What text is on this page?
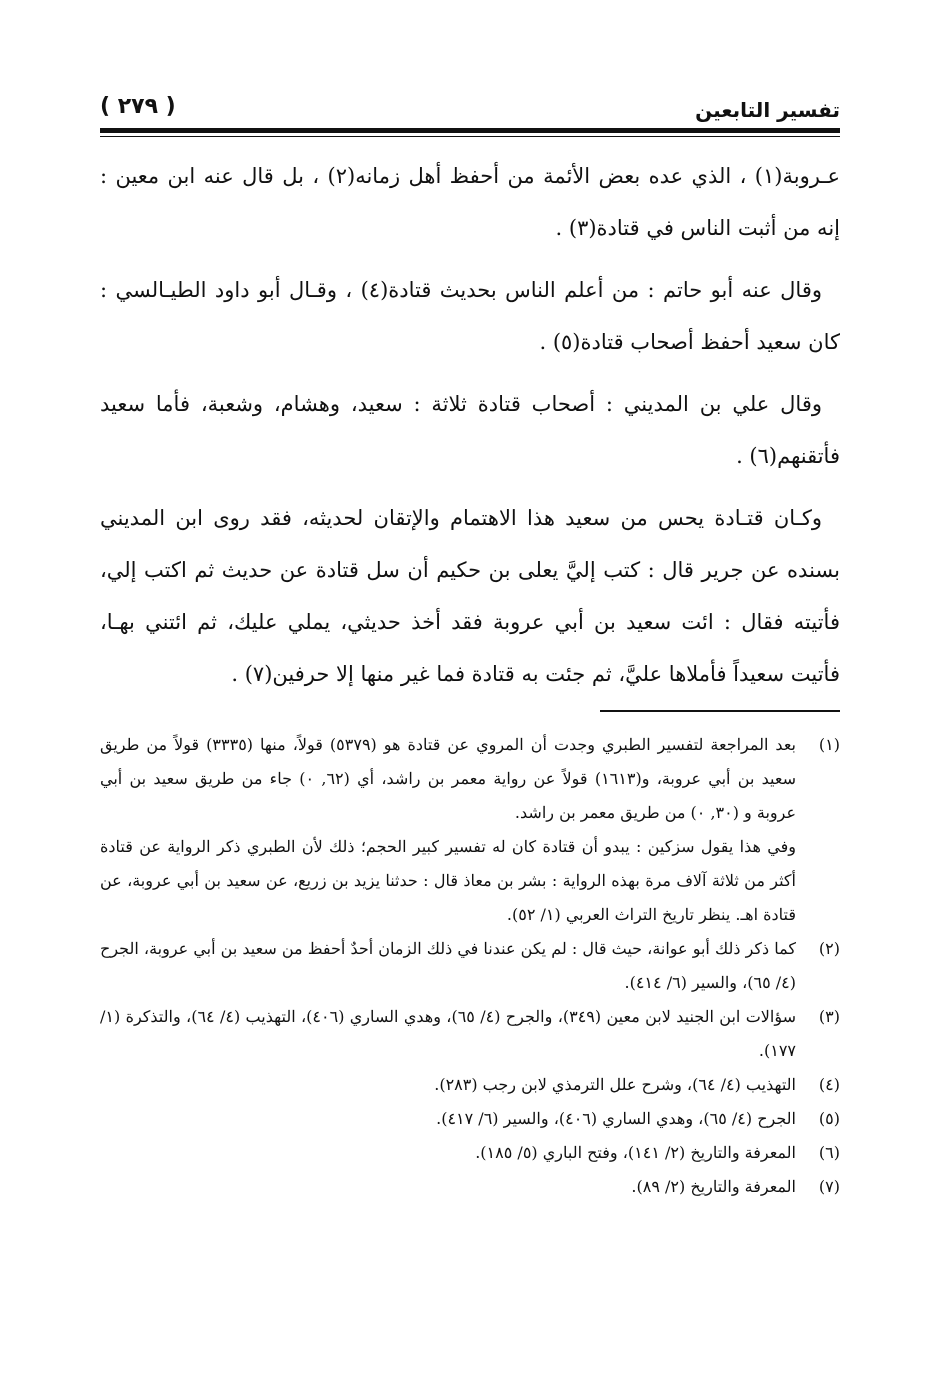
تفسير التابعين
( ٢٧٩ )

عـروبة(١) ، الذي عده بعض الأئمة من أحفظ أهل زمانه(٢) ، بل قال عنه ابن معين : إنه من أثبت الناس في قتادة(٣) .

وقال عنه أبو حاتم : من أعلم الناس بحديث قتادة(٤) ، وقـال أبو داود الطيـالسي : كان سعيد أحفظ أصحاب قتادة(٥) .

وقال علي بن المديني : أصحاب قتادة ثلاثة : سعيد، وهشام، وشعبة، فأما سعيد فأتقنهم(٦) .

وكـان قتـادة يحس من سعيد هذا الاهتمام والإتقان لحديثه، فقد روى ابن المديني بسنده عن جرير قال : كتب إليَّ يعلى بن حكيم أن سل قتادة عن حديث ثم اكتب إلي، فأتيته فقال : ائت سعيد بن أبي عروبة فقد أخذ حديثي، يملي عليك، ثم ائتني بهـا، فأتيت سعيداً فأملاها عليَّ، ثم جئت به قتادة فما غير منها إلا حرفين(٧) .

(١)
بعد المراجعة لتفسير الطبري وجدت أن المروي عن قتادة هو (٥٣٧٩) قولاً، منها (٣٣٣٥) قولاً من طريق سعيد بن أبي عروبة، و(١٦١٣) قولاً عن رواية معمر بن راشد، أي (٦٢, ٠) جاء من طريق سعيد بن أبي عروبة و (٣٠, ٠) من طريق معمر بن راشد.
وفي هذا يقول سزكين : يبدو أن قتادة كان له تفسير كبير الحجم؛ ذلك لأن الطبري ذكر الرواية عن قتادة أكثر من ثلاثة آلاف مرة بهذه الرواية : بشر بن معاذ قال : حدثنا يزيد بن زريع، عن سعيد بن أبي عروبة، عن قتادة اهـ. ينظر تاريخ التراث العربي (١/ ٥٢).
(٢)
كما ذكر ذلك أبو عوانة، حيث قال : لم يكن عندنا في ذلك الزمان أحدٌ أحفظ من سعيد بن أبي عروبة، الجرح (٤/ ٦٥)، والسير (٦/ ٤١٤).
(٣)
سؤالات ابن الجنيد لابن معين (٣٤٩)، والجرح (٤/ ٦٥)، وهدي الساري (٤٠٦)، التهذيب (٤/ ٦٤)، والتذكرة (١/ ١٧٧).
(٤)
التهذيب (٤/ ٦٤)، وشرح علل الترمذي لابن رجب (٢٨٣).
(٥)
الجرح (٤/ ٦٥)، وهدي الساري (٤٠٦)، والسير (٦/ ٤١٧).
(٦)
المعرفة والتاريخ (٢/ ١٤١)، وفتح الباري (٥/ ١٨٥).
(٧)
المعرفة والتاريخ (٢/ ٨٩).
